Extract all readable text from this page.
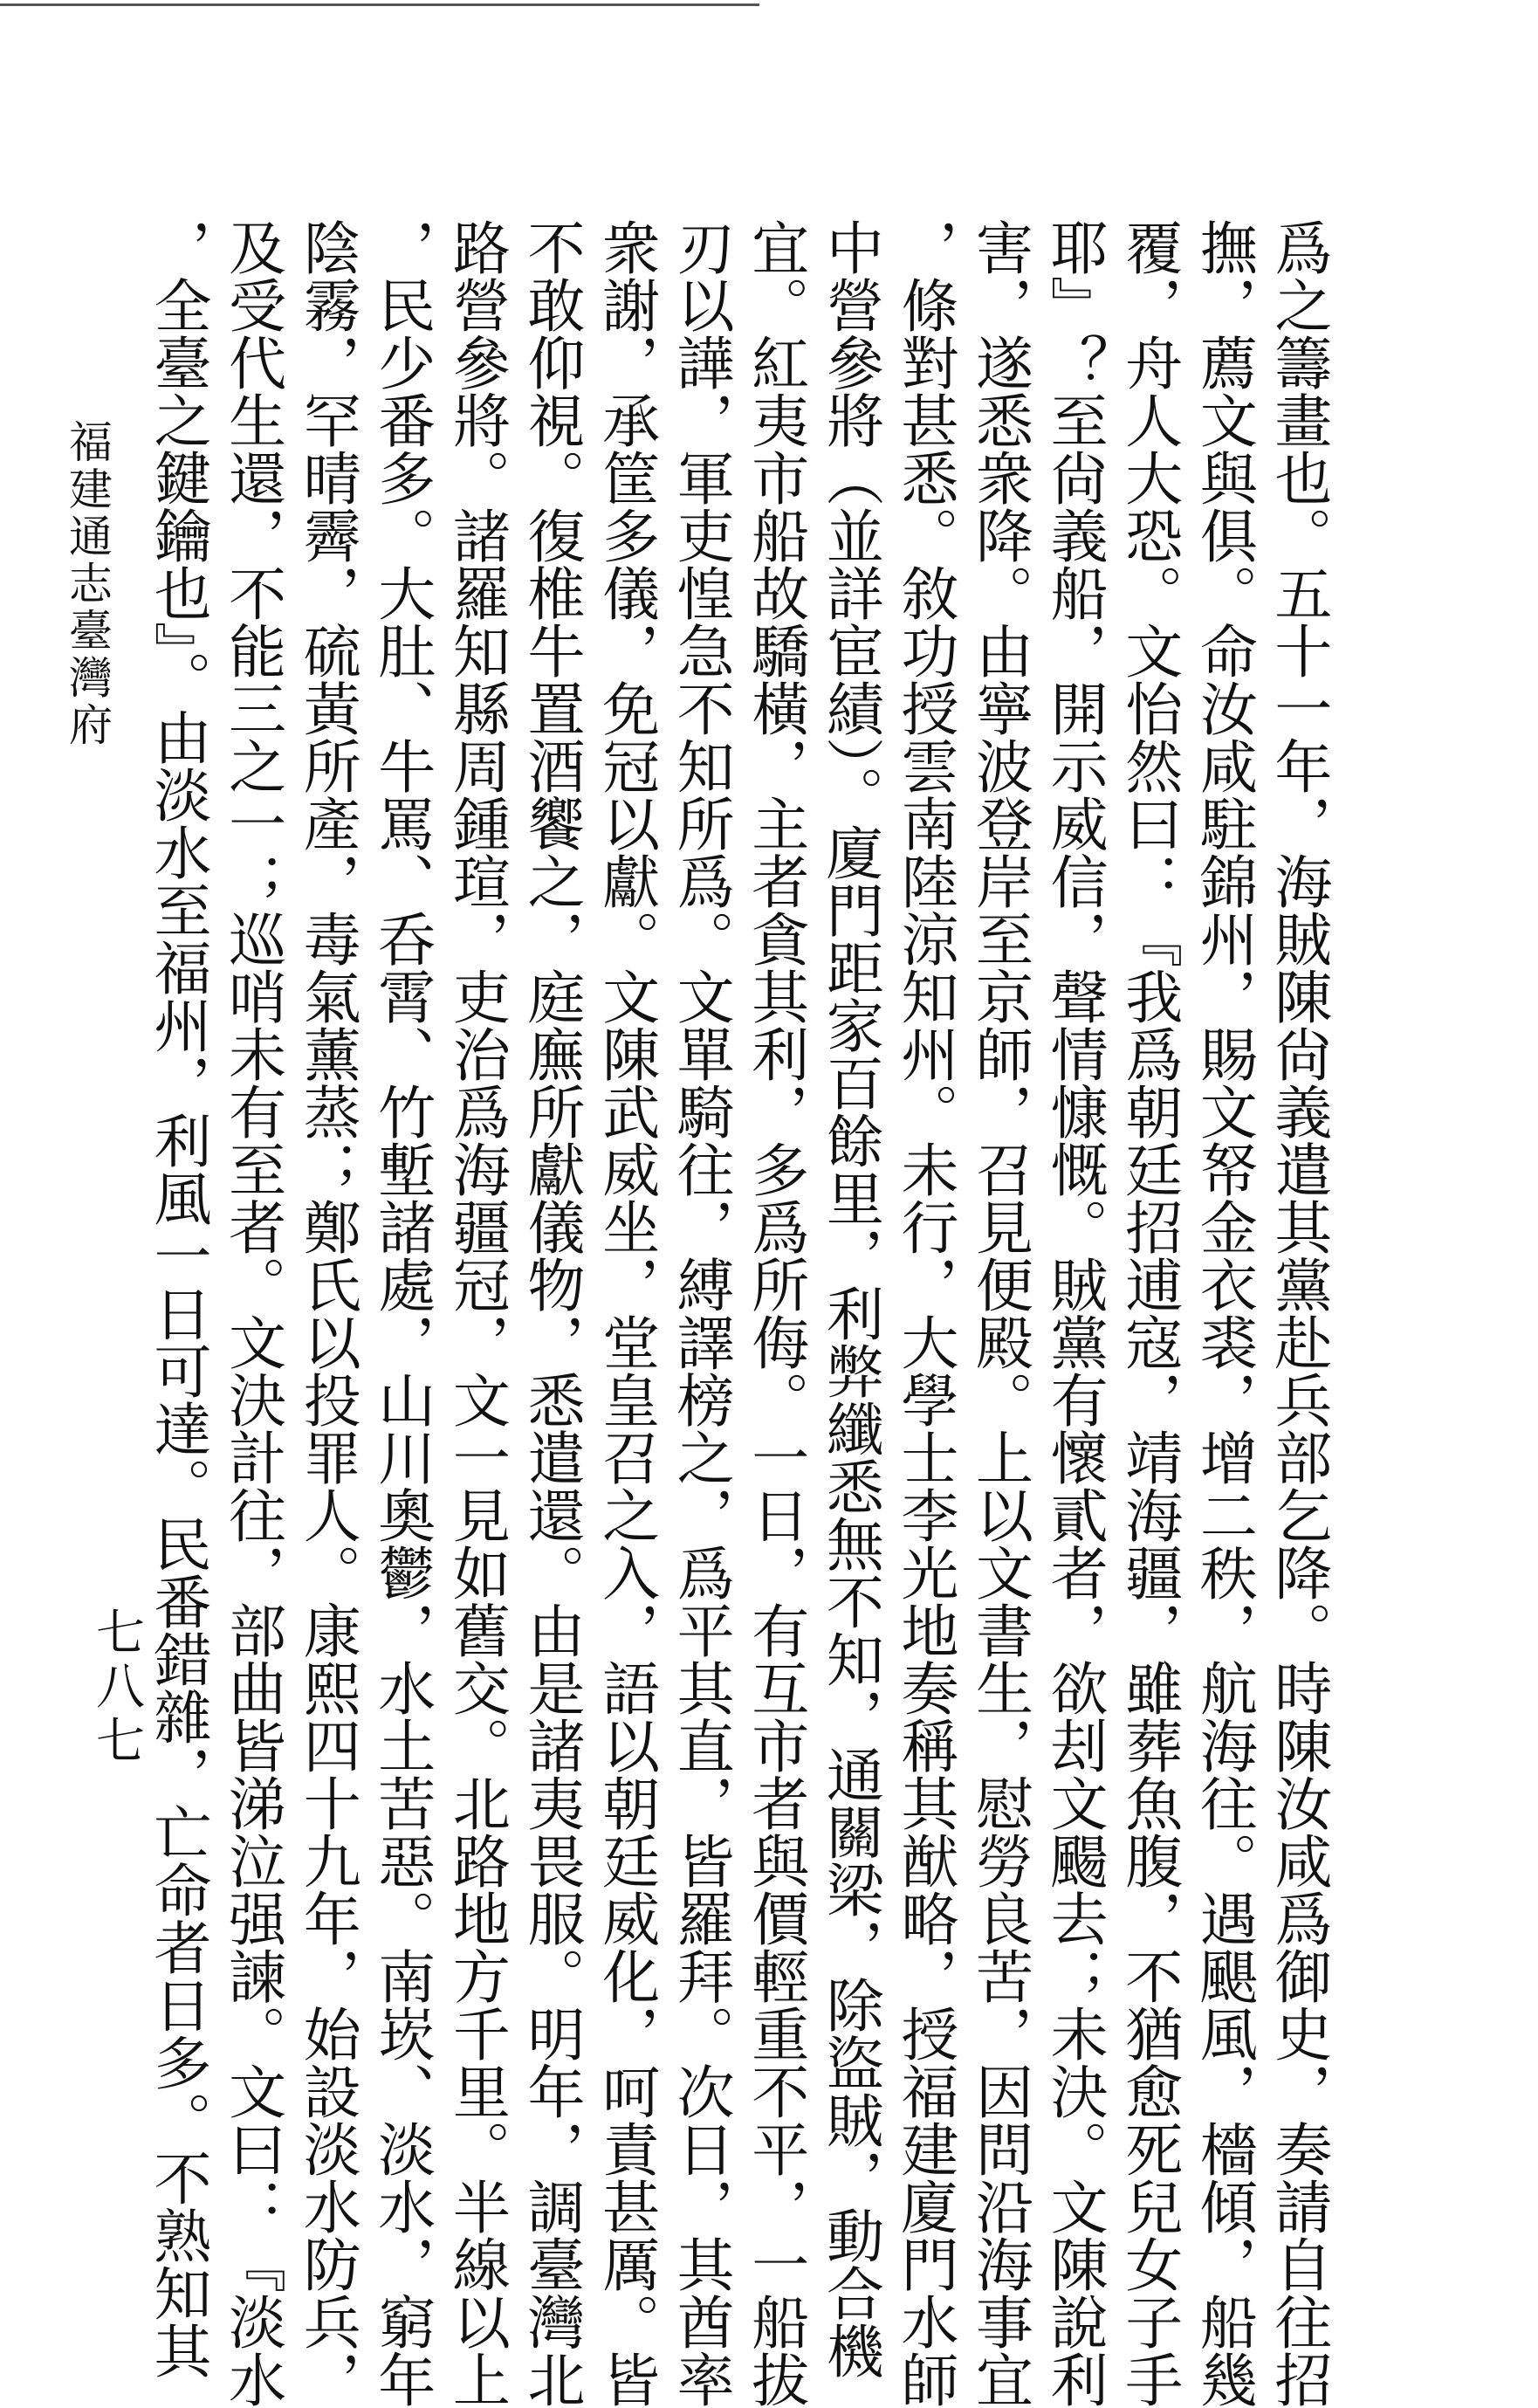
爲之籌畫也。五十一年，海賊陳尙義遣其黨赴兵部乞降。時陳汝咸爲御史，奏請自往招
撫，薦文與俱。命汝咸駐錦州，賜文帑金衣裘，增二秩，航海往。遇颶風，檣傾，船幾
覆，舟人大恐。文怡然曰：『我爲朝廷招逋寇，靖海疆，雖葬魚腹，不猶愈死兒女子手
耶』？至尙義船，開示威信，聲情慷慨。賊黨有懷貳者，欲刦文颺去；未決。文陳說利
害，遂悉衆降。由寧波登岸至京師，召見便殿。上以文書生，慰勞良苦，因問沿海事宜
，條對甚悉。敘功授雲南陸涼知州。未行，大學士李光地奏稱其猷略，授福建廈門水師
中營參將（並詳宦績）。廈門距家百餘里，利弊纖悉無不知，通關梁，除盜賊，動合機
宜。紅夷市船故驕橫，主者貪其利，多爲所侮。一日，有互市者與價輕重不平，一船拔
刃以譁，軍吏惶急不知所爲。文單騎往，縛譯榜之，爲平其直，皆羅拜。次日，其酋率
衆謝，承筐多儀，免冠以獻。文陳武威坐，堂皇召之入，語以朝廷威化，呵責甚厲。皆
不敢仰視。復椎牛置酒饗之，庭廡所獻儀物，悉遣還。由是諸夷畏服。明年，調臺灣北
路營參將。諸羅知縣周鍾瑄，吏治爲海疆冠，文一見如舊交。北路地方千里。半線以上
，民少番多。大肚、牛罵、呑霄、竹塹諸處，山川奧鬱，水土苦惡。南崁、淡水，窮年
陰霧，罕晴霽，硫黃所產，毒氣薰蒸；鄭氏以投罪人。康熙四十九年，始設淡水防兵，
及受代生還，不能三之一；巡哨未有至者。文決計往，部曲皆涕泣强諫。文曰：『淡水
，全臺之鍵鑰也』。由淡水至福州，利風一日可達。民番錯雜，亡命者日多。不熟知其
福建通志臺灣府
七八七
